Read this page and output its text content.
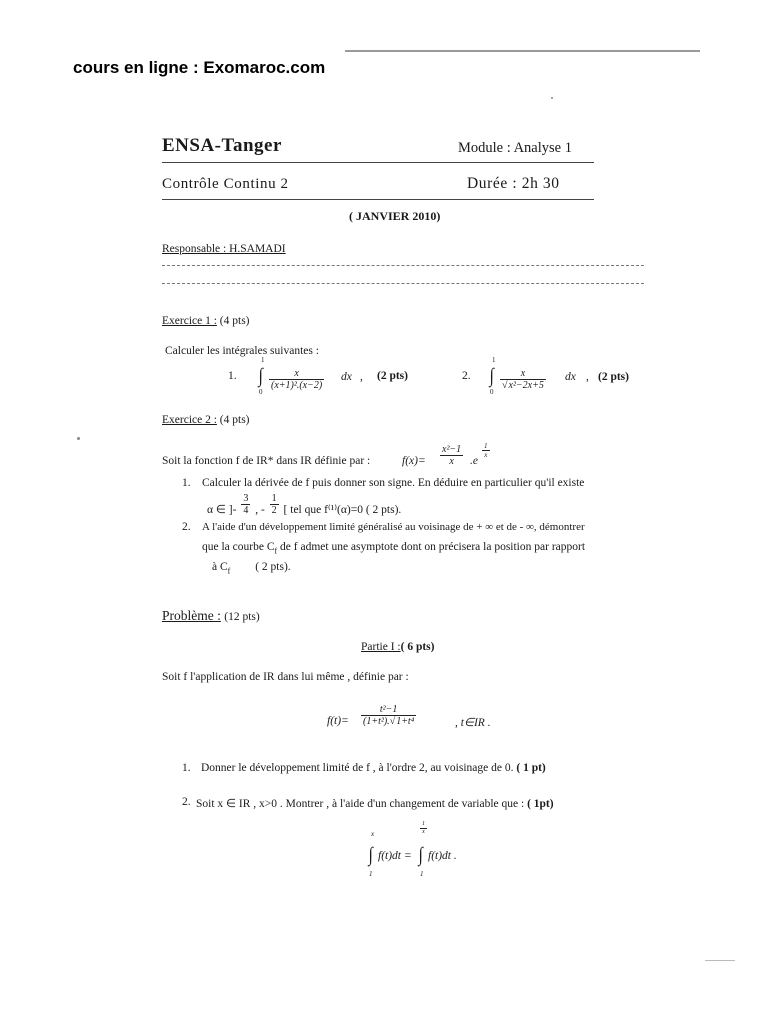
cours en ligne : Exomaroc.com
ENSA-Tanger	Module : Analyse 1
Contrôle Continu 2	Durée : 2h 30
( JANVIER 2010)
Responsable : H.SAMADI
Exercice 1 : (4 pts)
Calculer les intégrales suivantes :
1.
1
∫
0
$\frac{x}{\text{(x+1)².(x−2)}}$ dx , (2 pts)	2.
1
∫
0
$\frac{x}{\text{√x²−2x+5}}$ dx , (2 pts)
Exercice 2 : (4 pts)
Soit la fonction f de IR* dans IR définie par :	$f(x)= \frac{\text{x²−1}}{x} .e$
$\frac{1}{x}$
1. Calculer la dérivée de f puis donner son signe. En déduire en particulier qu'il existe
α ∈ ]- $\frac{3}{4}$ , - $\frac{1}{2}$ [ tel que f⁽¹⁾(α)=0 ( 2 pts).
2. A l'aide d'un développement limité généralisé au voisinage de + ∞ et de - ∞, démontrer
que la courbe $C_f$ de f admet une asymptote dont on précisera la position par rapport
à $C_f$ ( 2 pts).
Problème : (12 pts)
Partie I :( 6 pts)
Soit f l'application de IR dans lui même , définie par :
$f(t)= \frac{\text{t²−1}}{\text{(1+t²).√1+t⁴}}$	, t∈IR .
1. Donner le développement limité de f , à l'ordre 2, au voisinage de 0. ( 1 pt)
2. Soit x ∈ IR , x>0 . Montrer , à l'aide d'un changement de variable que : ( 1pt)
x
∫
1
f(t)dt =
$\frac{1}{x}$
∫
1
f(t)dt .
